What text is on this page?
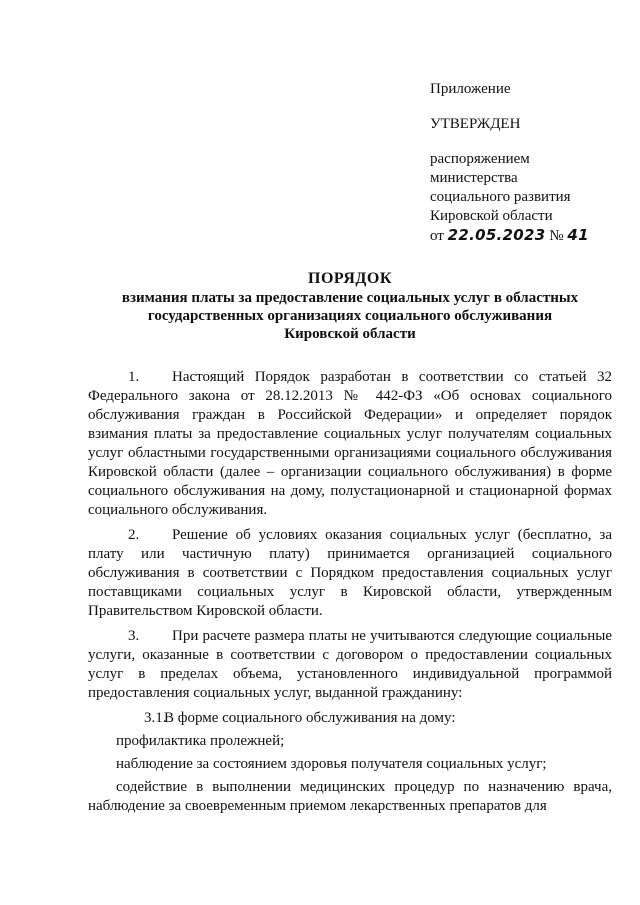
Приложение
УТВЕРЖДЕН
распоряжением
министерства
социального развития
Кировской области
от 22.05.2023 № 41
ПОРЯДОК
взимания платы за предоставление социальных услуг в областных
государственных организациях социального обслуживания
Кировской области

1. Настоящий Порядок разработан в соответствии со статьей 32 Федерального закона от 28.12.2013 № 442-ФЗ «Об основах социального обслуживания граждан в Российской Федерации» и определяет порядок взимания платы за предоставление социальных услуг получателям социальных услуг областными государственными организациями социального обслуживания Кировской области (далее – организации социального обслуживания) в форме социального обслуживания на дому, полустационарной и стационарной формах социального обслуживания.

2. Решение об условиях оказания социальных услуг (бесплатно, за плату или частичную плату) принимается организацией социального обслуживания в соответствии с Порядком предоставления социальных услуг поставщиками социальных услуг в Кировской области, утвержденным Правительством Кировской области.

3. При расчете размера платы не учитываются следующие социальные услуги, оказанные в соответствии с договором о предоставлении социальных услуг в пределах объема, установленного индивидуальной программой предоставления социальных услуг, выданной гражданину:

3.1.В форме социального обслуживания на дому:

профилактика пролежней;

наблюдение за состоянием здоровья получателя социальных услуг;

содействие в выполнении медицинских процедур по назначению врача, наблюдение за своевременным приемом лекарственных препаратов для
